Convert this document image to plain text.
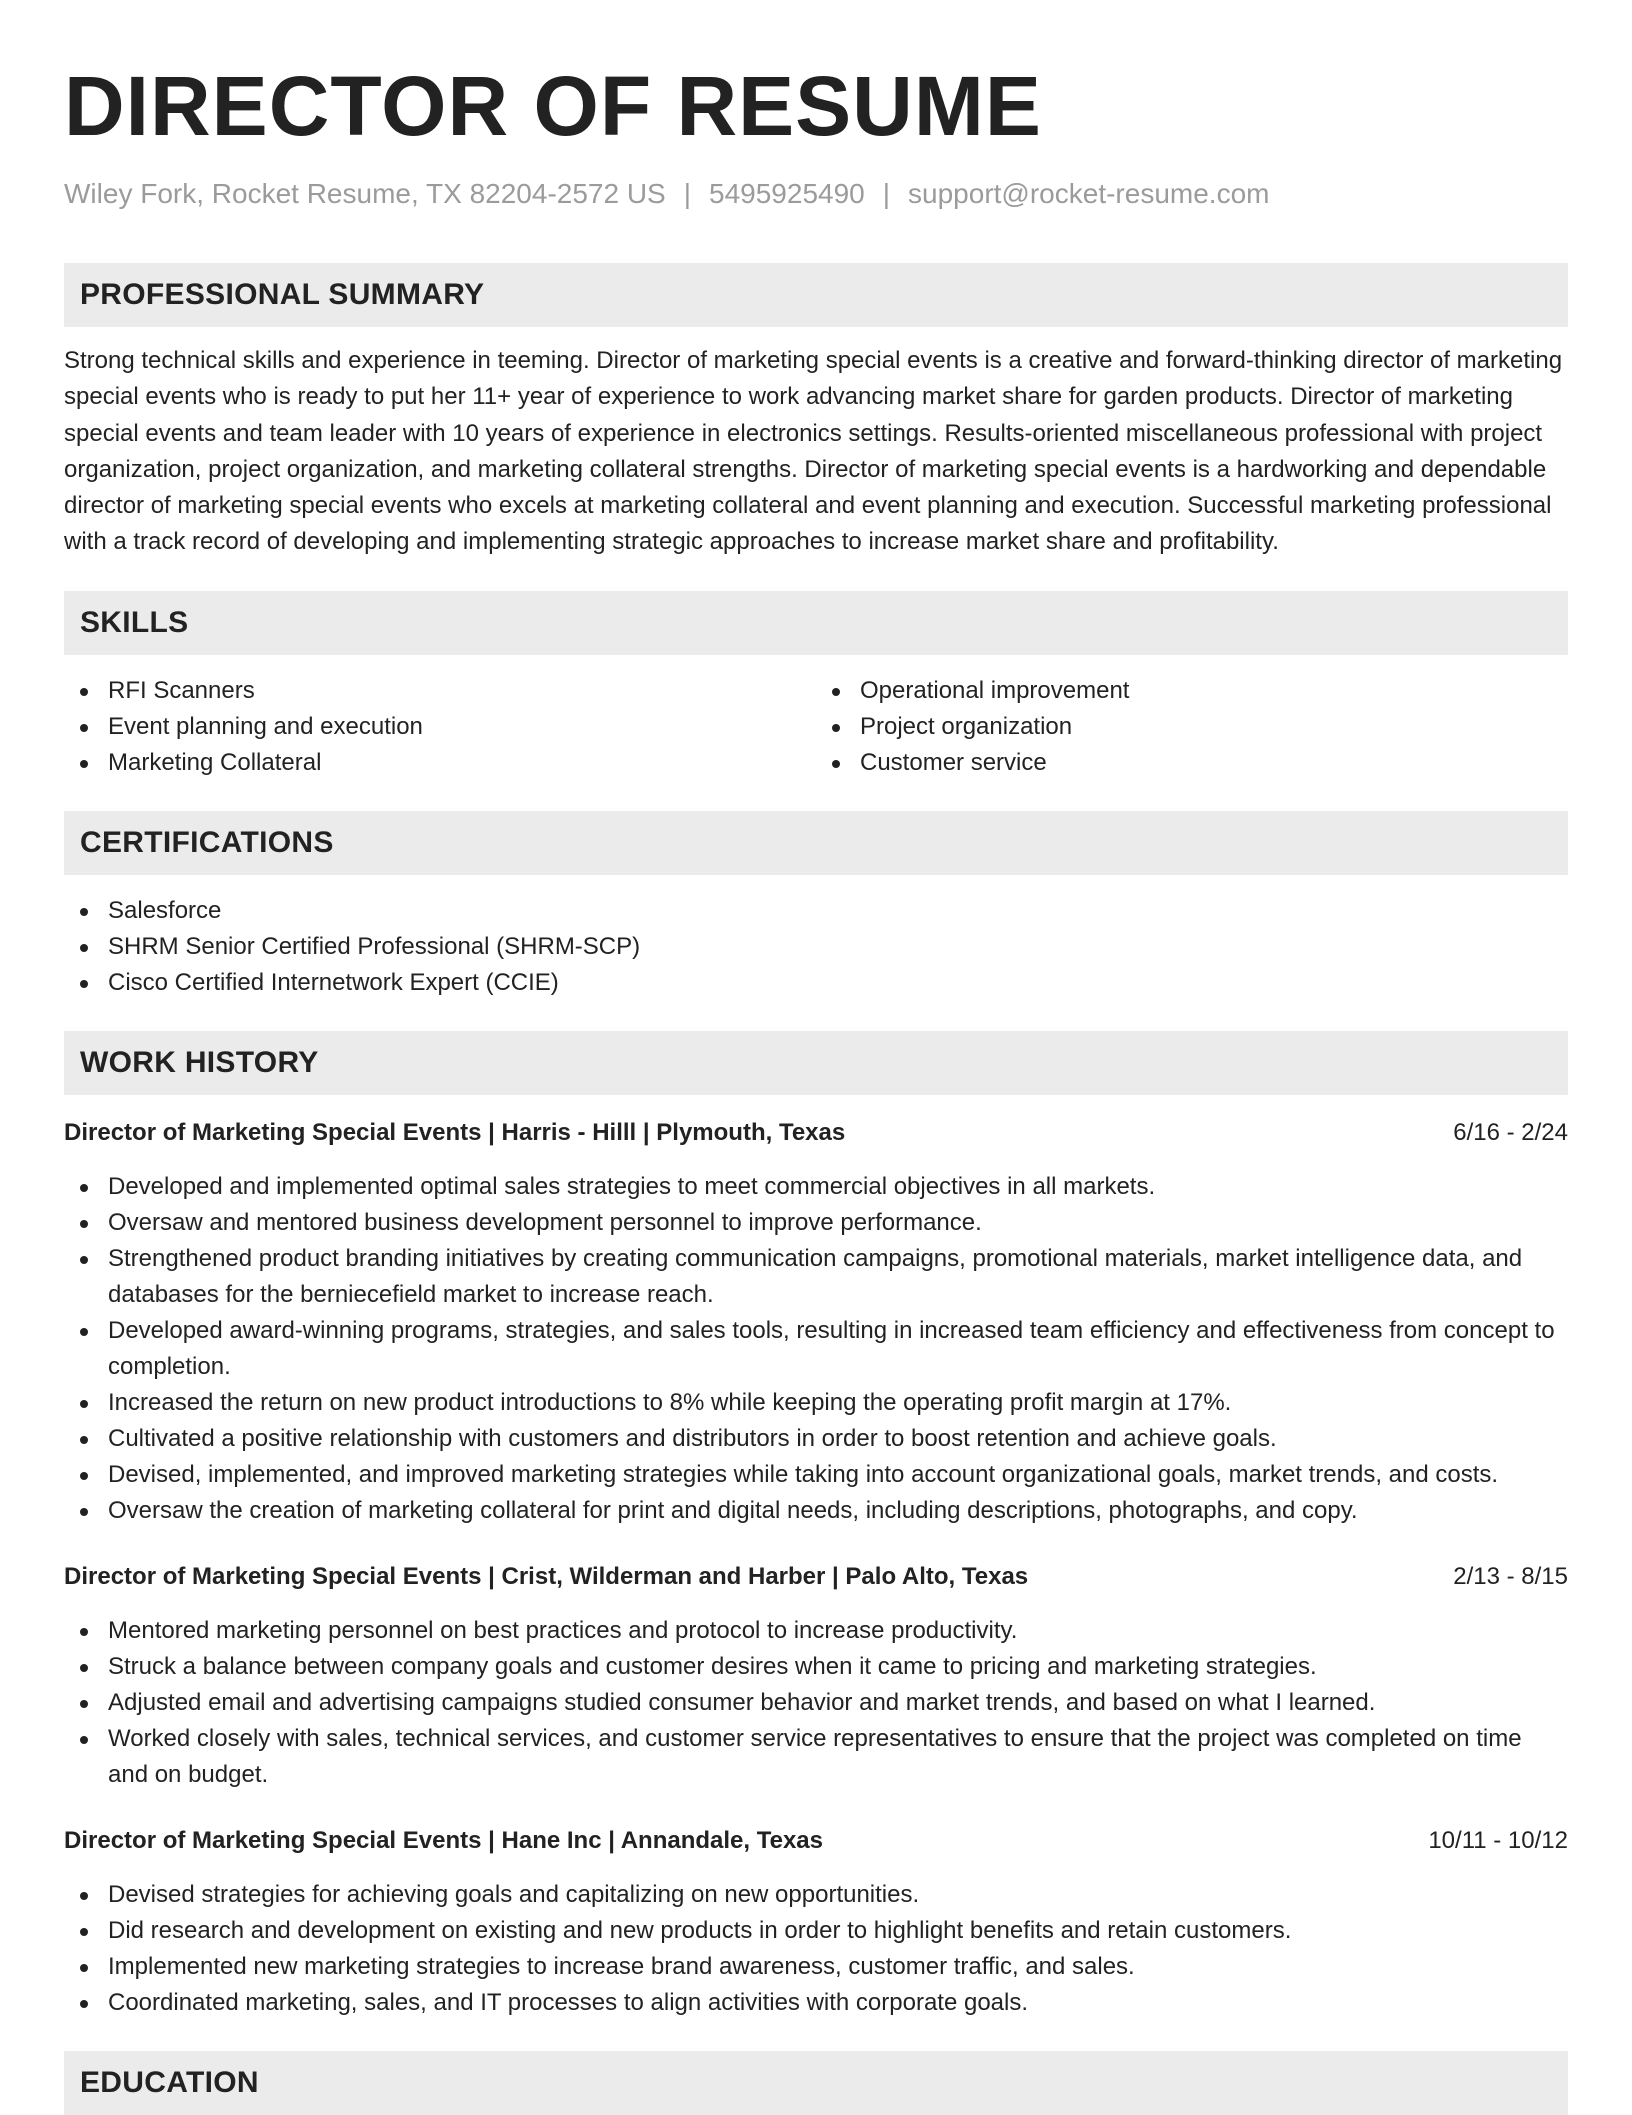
DIRECTOR OF RESUME
Wiley Fork, Rocket Resume, TX 82204-2572 US | 5495925490 | support@rocket-resume.com
PROFESSIONAL SUMMARY

Strong technical skills and experience in teeming. Director of marketing special events is a creative and forward-thinking director of marketing special events who is ready to put her 11+ year of experience to work advancing market share for garden products. Director of marketing special events and team leader with 10 years of experience in electronics settings. Results-oriented miscellaneous professional with project organization, project organization, and marketing collateral strengths. Director of marketing special events is a hardworking and dependable director of marketing special events who excels at marketing collateral and event planning and execution. Successful marketing professional with a track record of developing and implementing strategic approaches to increase market share and profitability.

SKILLS
RFI Scanners
Event planning and execution
Marketing Collateral
Operational improvement
Project organization
Customer service
CERTIFICATIONS
Salesforce
SHRM Senior Certified Professional (SHRM-SCP)
Cisco Certified Internetwork Expert (CCIE)
WORK HISTORY
Director of Marketing Special Events | Harris - Hilll | Plymouth, Texas	6/16 - 2/24
Developed and implemented optimal sales strategies to meet commercial objectives in all markets.
Oversaw and mentored business development personnel to improve performance.
Strengthened product branding initiatives by creating communication campaigns, promotional materials, market intelligence data, and databases for the berniecefield market to increase reach.
Developed award-winning programs, strategies, and sales tools, resulting in increased team efficiency and effectiveness from concept to completion.
Increased the return on new product introductions to 8% while keeping the operating profit margin at 17%.
Cultivated a positive relationship with customers and distributors in order to boost retention and achieve goals.
Devised, implemented, and improved marketing strategies while taking into account organizational goals, market trends, and costs.
Oversaw the creation of marketing collateral for print and digital needs, including descriptions, photographs, and copy.
Director of Marketing Special Events | Crist, Wilderman and Harber | Palo Alto, Texas	2/13 - 8/15
Mentored marketing personnel on best practices and protocol to increase productivity.
Struck a balance between company goals and customer desires when it came to pricing and marketing strategies.
Adjusted email and advertising campaigns studied consumer behavior and market trends, and based on what I learned.
Worked closely with sales, technical services, and customer service representatives to ensure that the project was completed on time and on budget.
Director of Marketing Special Events | Hane Inc | Annandale, Texas	10/11 - 10/12
Devised strategies for achieving goals and capitalizing on new opportunities.
Did research and development on existing and new products in order to highlight benefits and retain customers.
Implemented new marketing strategies to increase brand awareness, customer traffic, and sales.
Coordinated marketing, sales, and IT processes to align activities with corporate goals.
EDUCATION
